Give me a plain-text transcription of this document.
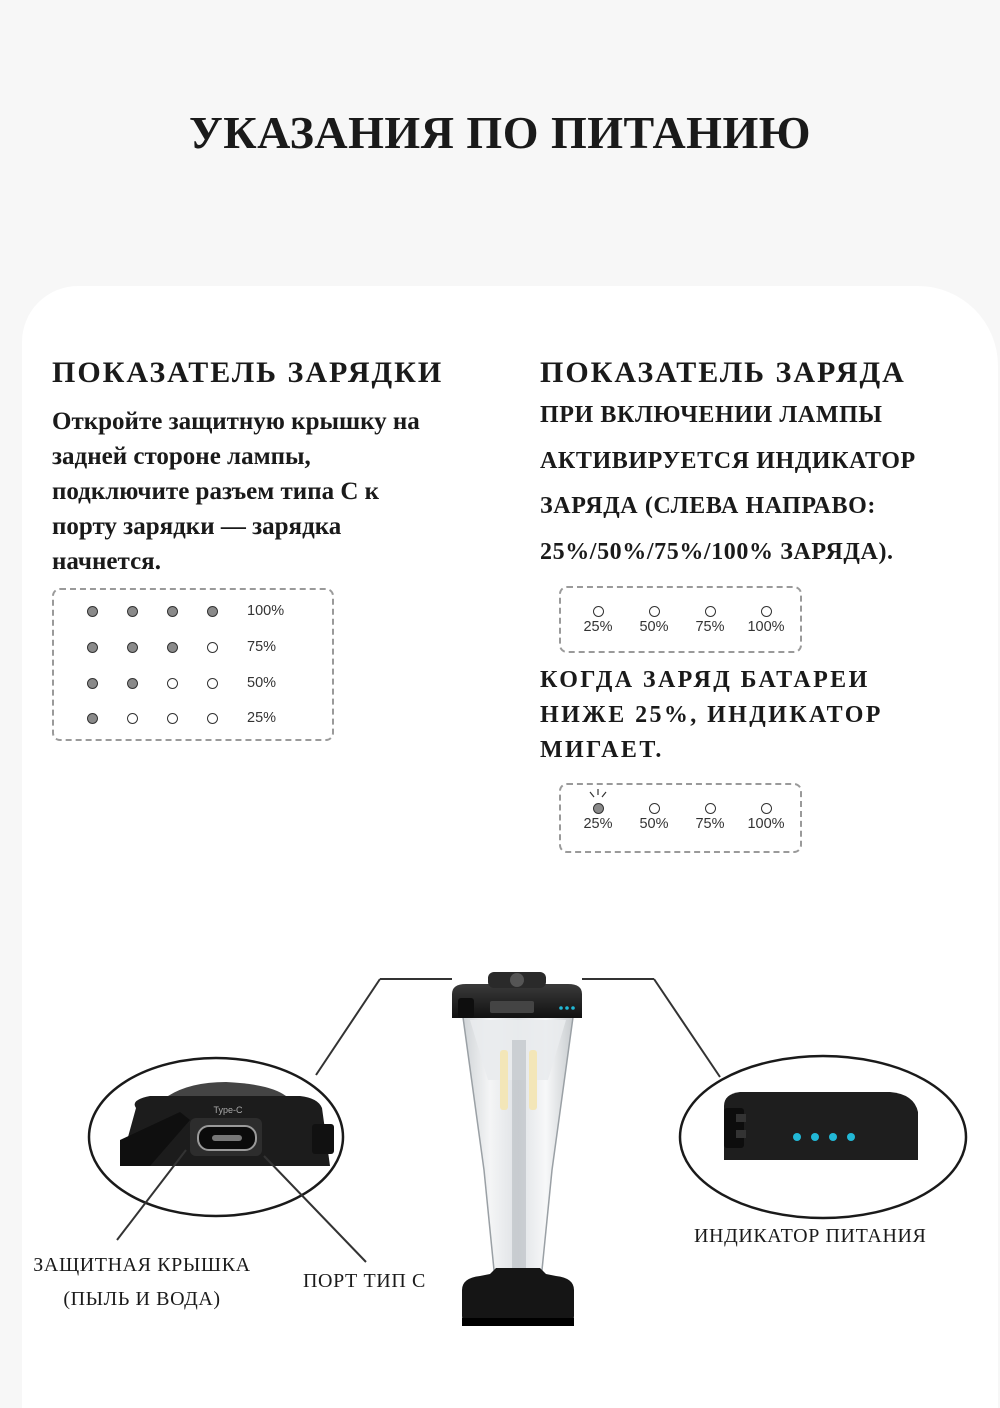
УКАЗАНИЯ ПО ПИТАНИЮ
ПОКАЗАТЕЛЬ ЗАРЯДКИ
Откройте защитную крышку на
задней стороне лампы,
подключите разъем типа С к
порту зарядки — зарядка
начнется.
100%
75%
50%
25%
ПОКАЗАТЕЛЬ ЗАРЯДА
ПРИ ВКЛЮЧЕНИИ ЛАМПЫ
АКТИВИРУЕТСЯ ИНДИКАТОР
ЗАРЯДА (СЛЕВА НАПРАВО:
25%/50%/75%/100% ЗАРЯДА).
25%	50%	75%	100%
КОГДА ЗАРЯД БАТАРЕИ
НИЖЕ 25%, ИНДИКАТОР
МИГАЕТ.
25%	50%	75%	100%
Type-C
ЗАЩИТНАЯ КРЫШКА
(ПЫЛЬ И ВОДА)
ПОРТ ТИП С
ИНДИКАТОР ПИТАНИЯ
